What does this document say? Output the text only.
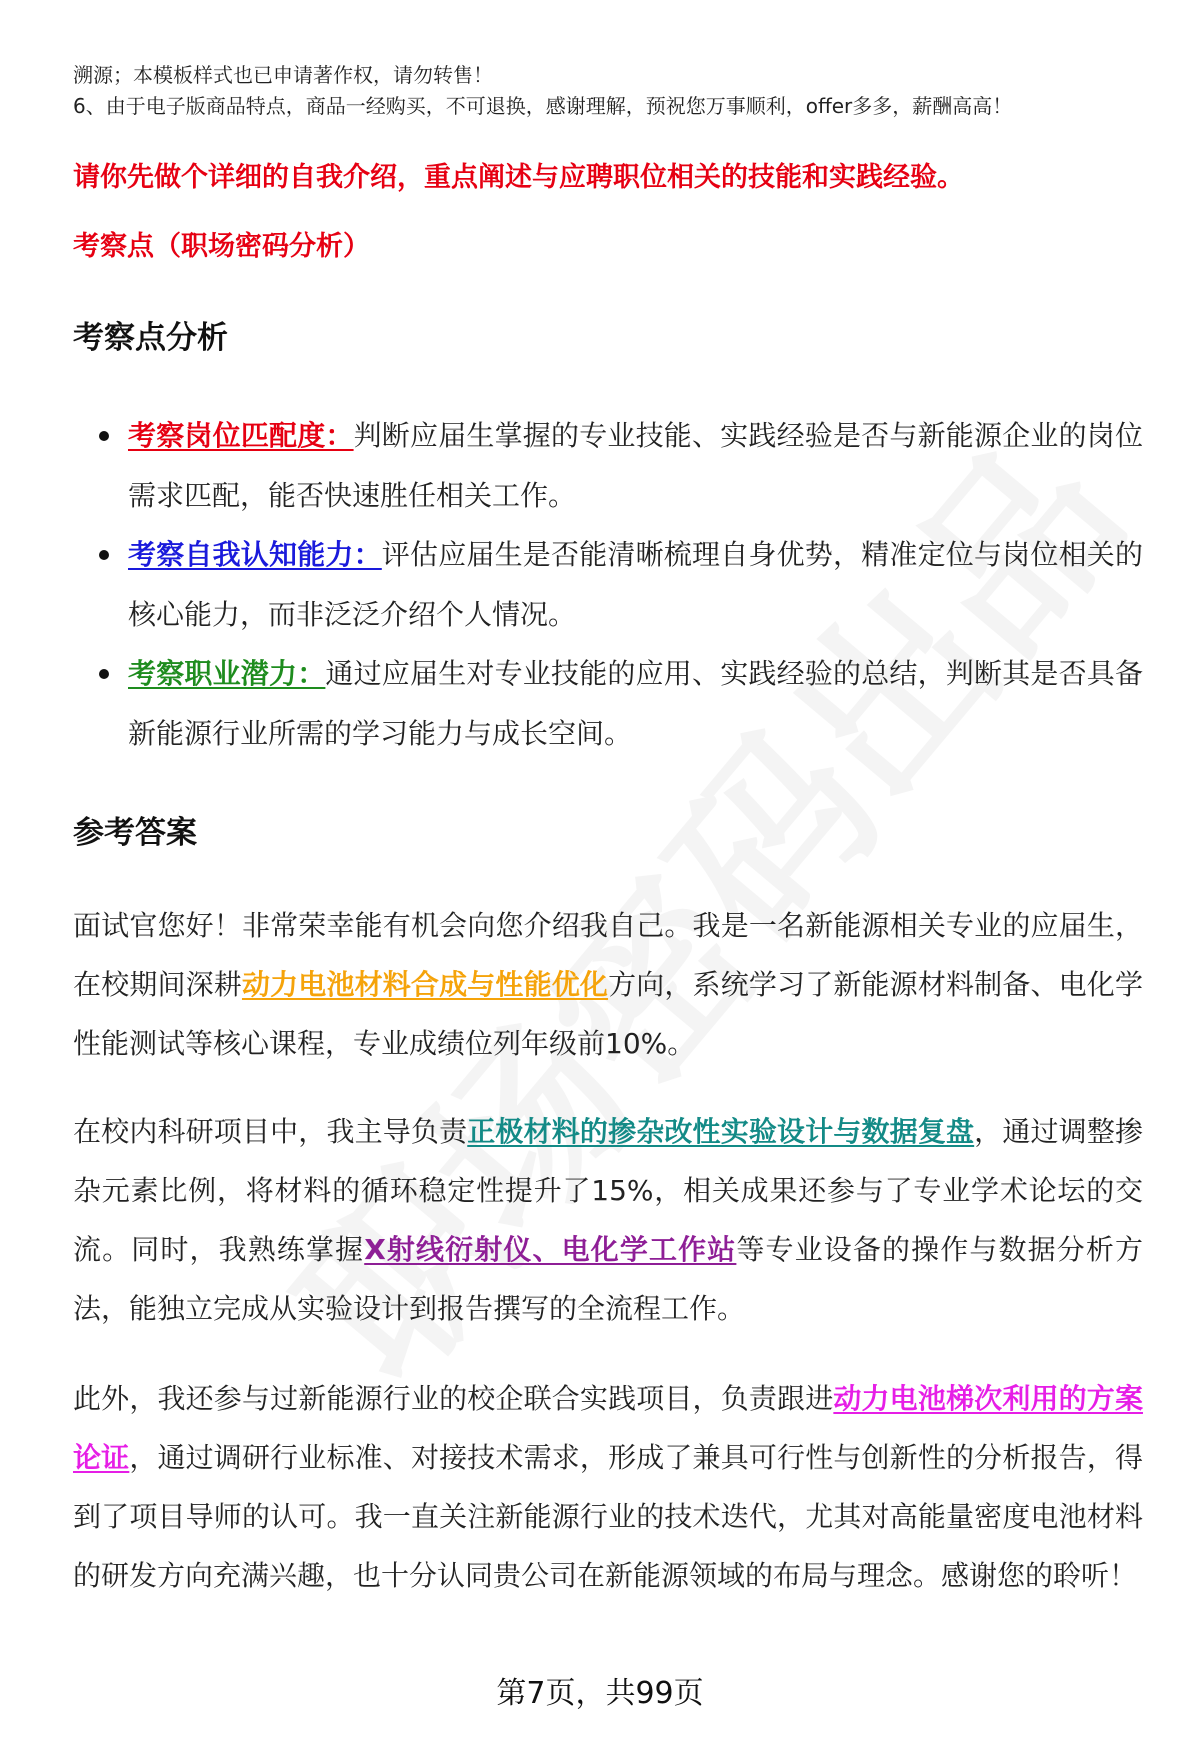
溯源；本模板样式也已申请著作权，请勿转售！
6、由于电子版商品特点，商品一经购买，不可退换，感谢理解，预祝您万事顺利，offer多多，薪酬高高！
请你先做个详细的自我介绍，重点阐述与应聘职位相关的技能和实践经验。
考察点（职场密码分析）
考察点分析
考察岗位匹配度：判断应届生掌握的专业技能、实践经验是否与新能源企业的岗位需求匹配，能否快速胜任相关工作。
考察自我认知能力：评估应届生是否能清晰梳理自身优势，精准定位与岗位相关的核心能力，而非泛泛介绍个人情况。
考察职业潜力：通过应届生对专业技能的应用、实践经验的总结，判断其是否具备新能源行业所需的学习能力与成长空间。
参考答案

面试官您好！非常荣幸能有机会向您介绍我自己。我是一名新能源相关专业的应届生，在校期间深耕动力电池材料合成与性能优化方向，系统学习了新能源材料制备、电化学性能测试等核心课程，专业成绩位列年级前10%。

在校内科研项目中，我主导负责正极材料的掺杂改性实验设计与数据复盘，通过调整掺杂元素比例，将材料的循环稳定性提升了15%，相关成果还参与了专业学术论坛的交流。同时，我熟练掌握X射线衍射仪、电化学工作站等专业设备的操作与数据分析方法，能独立完成从实验设计到报告撰写的全流程工作。

此外，我还参与过新能源行业的校企联合实践项目，负责跟进动力电池梯次利用的方案论证，通过调研行业标准、对接技术需求，形成了兼具可行性与创新性的分析报告，得到了项目导师的认可。我一直关注新能源行业的技术迭代，尤其对高能量密度电池材料的研发方向充满兴趣，也十分认同贵公司在新能源领域的布局与理念。感谢您的聆听！

第7页，共99页
